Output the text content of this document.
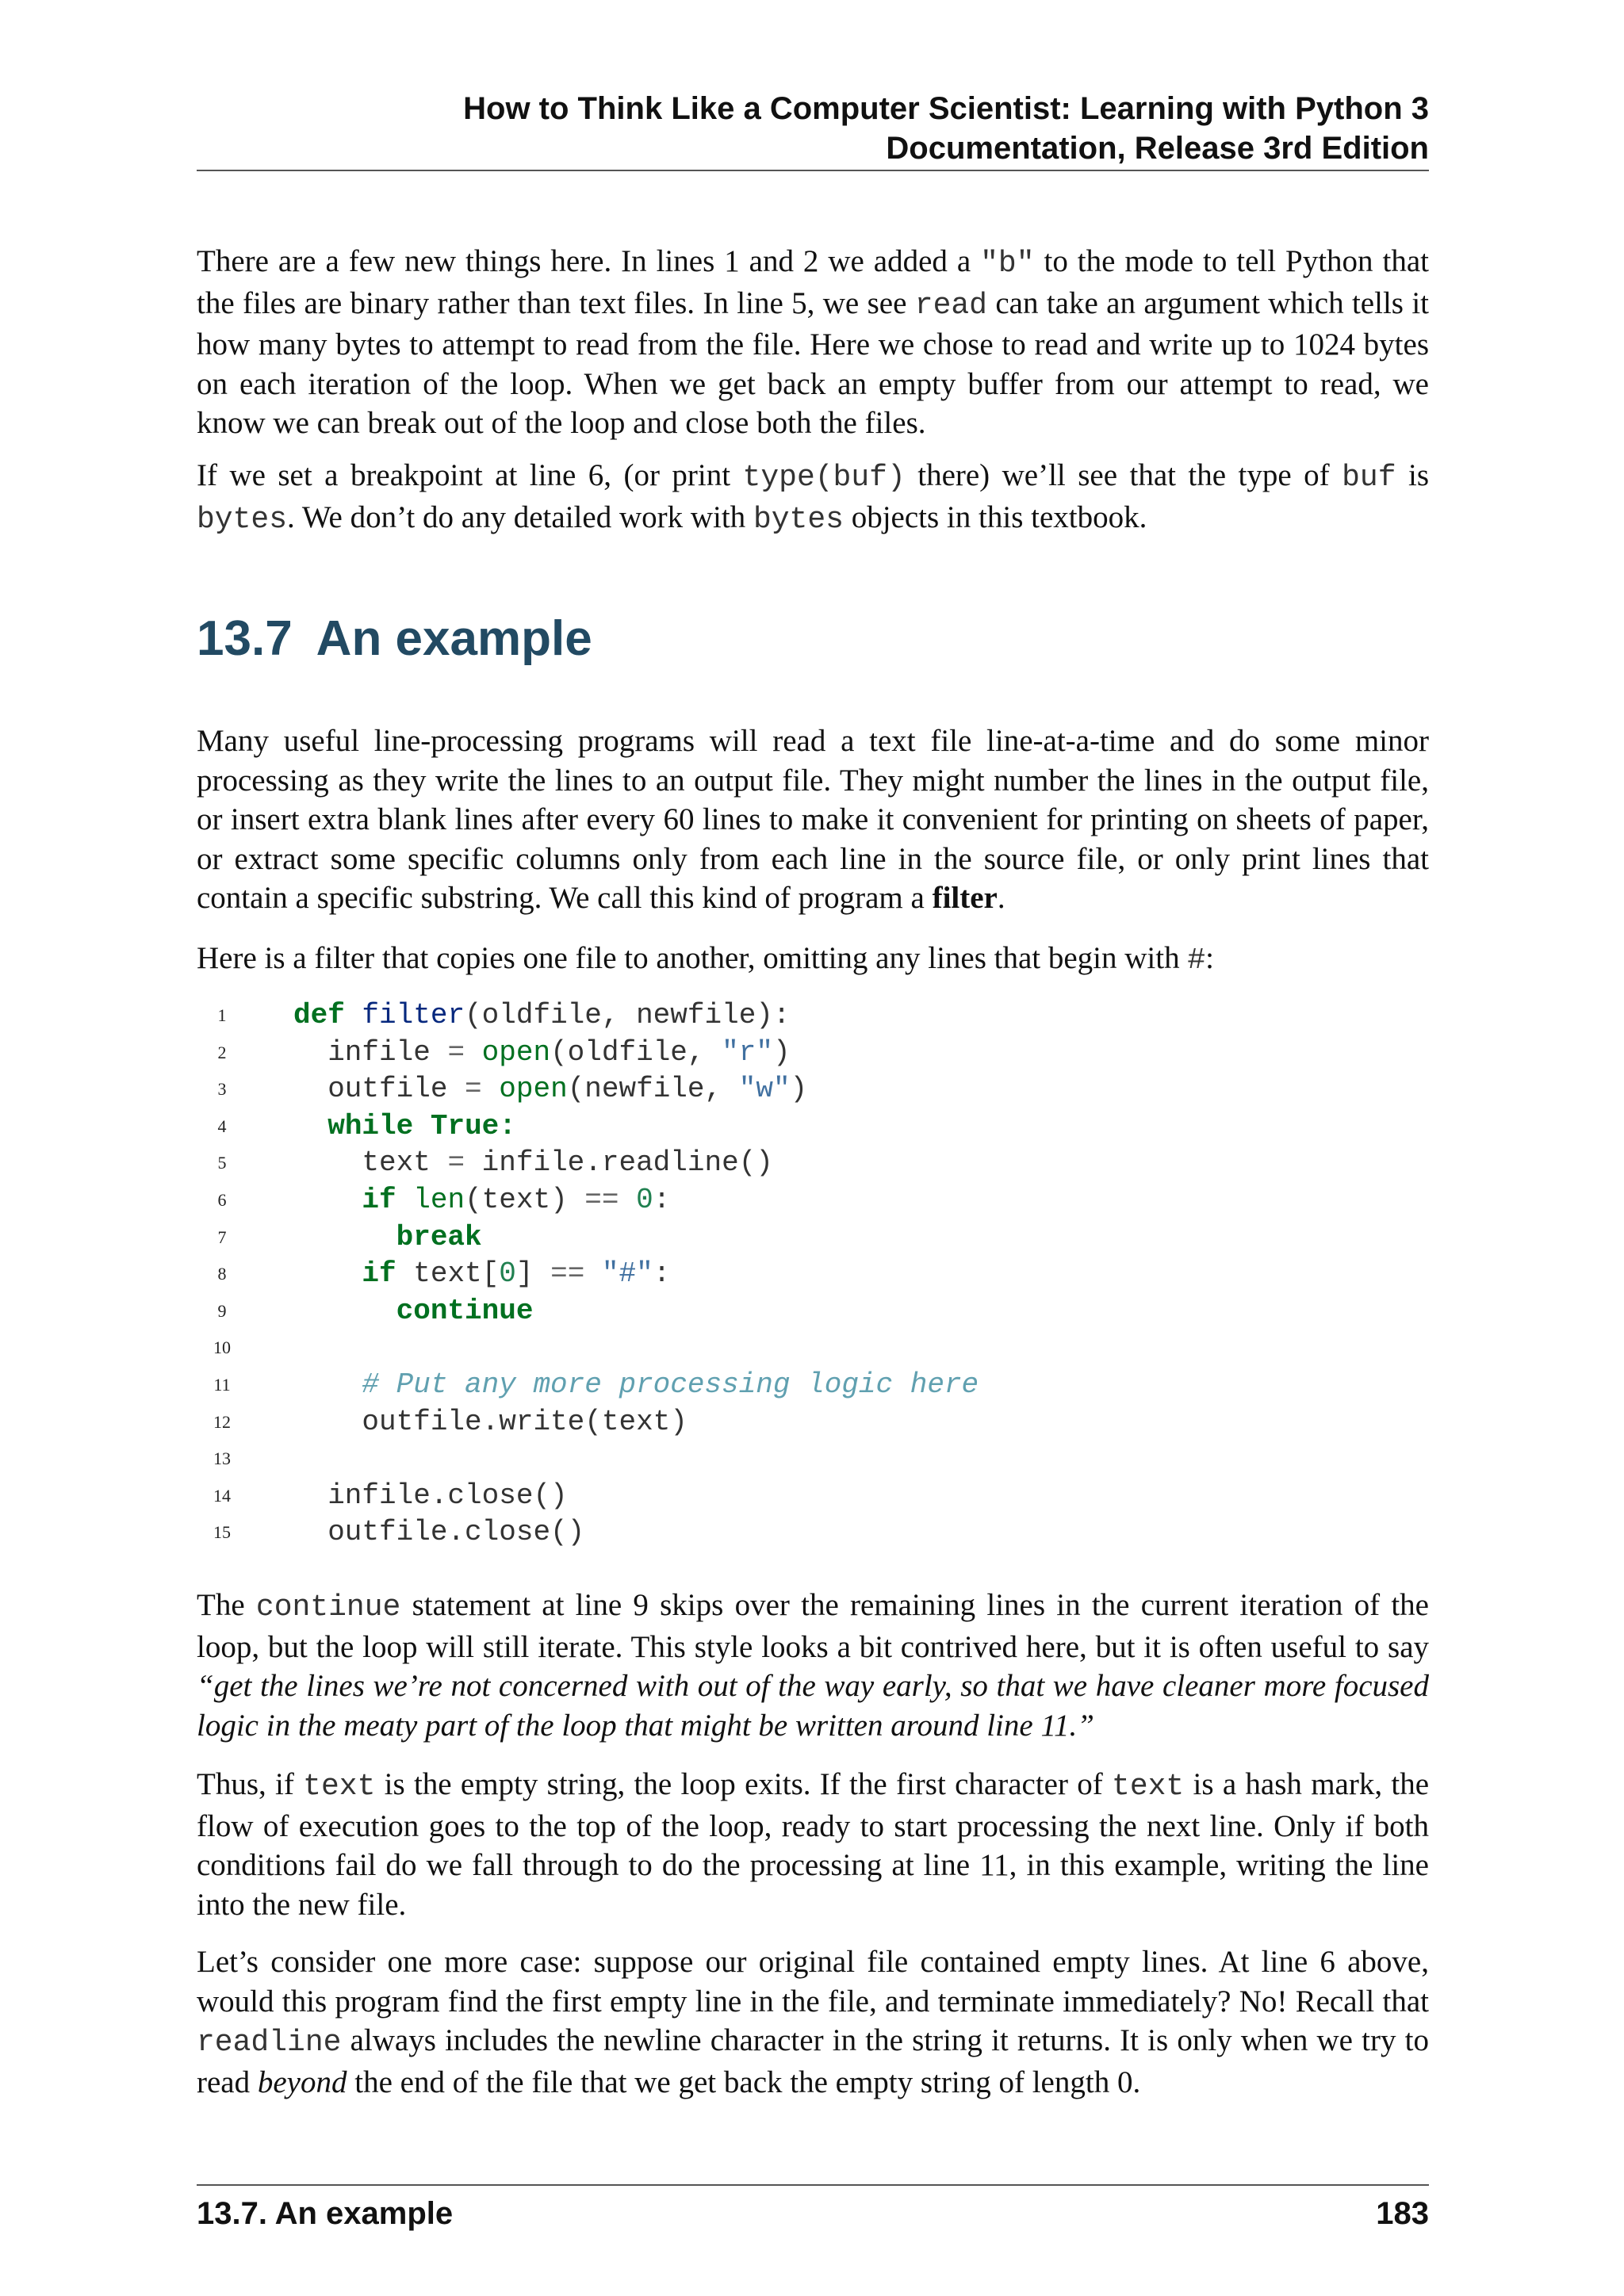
How to Think Like a Computer Scientist: Learning with Python 3
Documentation, Release 3rd Edition

There are a few new things here. In lines 1 and 2 we added a "b" to the mode to tell Python that the files are binary rather than text files. In line 5, we see read can take an argument which tells it how many bytes to attempt to read from the file. Here we chose to read and write up to 1024 bytes on each iteration of the loop. When we get back an empty buffer from our attempt to read, we know we can break out of the loop and close both the files.

If we set a breakpoint at line 6, (or print type(buf) there) we’ll see that the type of buf is bytes. We don’t do any detailed work with bytes objects in this textbook.

13.7 An example

Many useful line-processing programs will read a text file line-at-a-time and do some minor processing as they write the lines to an output file. They might number the lines in the output file, or insert extra blank lines after every 60 lines to make it convenient for printing on sheets of paper, or extract some specific columns only from each line in the source file, or only print lines that contain a specific substring. We call this kind of program a filter.

Here is a filter that copies one file to another, omitting any lines that begin with #:

1	def filter(oldfile, newfile):
2	infile = open(oldfile, "r")
3	outfile = open(newfile, "w")
4	while True:
5	text = infile.readline()
6	if len(text) == 0:
7	break
8	if text[0] == "#":
9	continue
10
11	# Put any more processing logic here
12	outfile.write(text)
13
14	infile.close()
15	outfile.close()

The continue statement at line 9 skips over the remaining lines in the current iteration of the loop, but the loop will still iterate. This style looks a bit contrived here, but it is often useful to say “get the lines we’re not concerned with out of the way early, so that we have cleaner more focused logic in the meaty part of the loop that might be written around line 11.”

Thus, if text is the empty string, the loop exits. If the first character of text is a hash mark, the flow of execution goes to the top of the loop, ready to start processing the next line. Only if both conditions fail do we fall through to do the processing at line 11, in this example, writing the line into the new file.

Let’s consider one more case: suppose our original file contained empty lines. At line 6 above, would this program find the first empty line in the file, and terminate immediately? No! Recall that readline always includes the newline character in the string it returns. It is only when we try to read beyond the end of the file that we get back the empty string of length 0.

13.7. An example	183
